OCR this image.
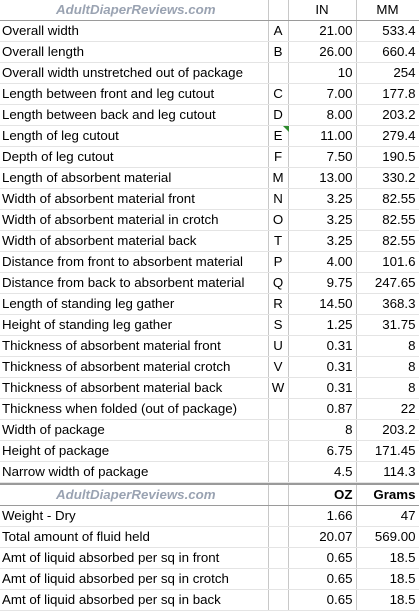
AdultDiaperReviews.com		IN	MM
Overall width	A	21.00	533.4
Overall length	B	26.00	660.4
Overall width unstretched out of package		10	254
Length between front and leg cutout	C	7.00	177.8
Length between back and leg cutout	D	8.00	203.2
Length of leg cutout	E	11.00	279.4
Depth of leg cutout	F	7.50	190.5
Length of absorbent material	M	13.00	330.2
Width of absorbent material front	N	3.25	82.55
Width of absorbent material in crotch	O	3.25	82.55
Width of absorbent material back	T	3.25	82.55
Distance from front to absorbent material	P	4.00	101.6
Distance from back to absorbent material	Q	9.75	247.65
Length of standing leg gather	R	14.50	368.3
Height of standing leg gather	S	1.25	31.75
Thickness of absorbent material front	U	0.31	8
Thickness of absorbent material crotch	V	0.31	8
Thickness of absorbent material back	W	0.31	8
Thickness when folded (out of package)		0.87	22
Width of package		8	203.2
Height of package		6.75	171.45
Narrow width of package		4.5	114.3
AdultDiaperReviews.com		OZ	Grams
Weight - Dry		1.66	47
Total amount of fluid held		20.07	569.00
Amt of liquid absorbed per sq in front		0.65	18.5
Amt of liquid absorbed per sq in crotch		0.65	18.5
Amt of liquid absorbed per sq in back		0.65	18.5
